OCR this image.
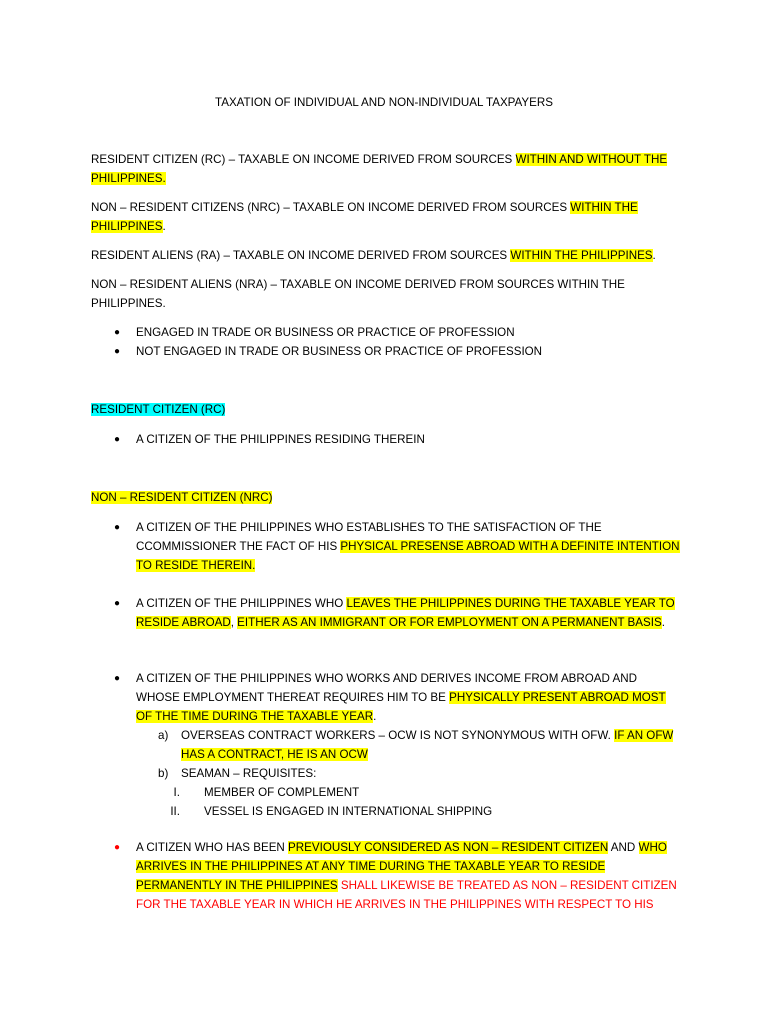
TAXATION OF INDIVIDUAL AND NON-INDIVIDUAL TAXPAYERS

RESIDENT CITIZEN (RC) – TAXABLE ON INCOME DERIVED FROM SOURCES WITHIN AND WITHOUT THE PHILIPPINES.

NON – RESIDENT CITIZENS (NRC) – TAXABLE ON INCOME DERIVED FROM SOURCES WITHIN THE PHILIPPINES.

RESIDENT ALIENS (RA) – TAXABLE ON INCOME DERIVED FROM SOURCES WITHIN THE PHILIPPINES.

NON – RESIDENT ALIENS (NRA) – TAXABLE ON INCOME DERIVED FROM SOURCES WITHIN THE PHILIPPINES.

●	ENGAGED IN TRADE OR BUSINESS OR PRACTICE OF PROFESSION

●	NOT ENGAGED IN TRADE OR BUSINESS OR PRACTICE OF PROFESSION

RESIDENT CITIZEN (RC)

●	A CITIZEN OF THE PHILIPPINES RESIDING THEREIN

NON – RESIDENT CITIZEN (NRC)

●	A CITIZEN OF THE PHILIPPINES WHO ESTABLISHES TO THE SATISFACTION OF THE CCOMMISSIONER THE FACT OF HIS PHYSICAL PRESENSE ABROAD WITH A DEFINITE INTENTION TO RESIDE THEREIN.

●	A CITIZEN OF THE PHILIPPINES WHO LEAVES THE PHILIPPINES DURING THE TAXABLE YEAR TO RESIDE ABROAD, EITHER AS AN IMMIGRANT OR FOR EMPLOYMENT ON A PERMANENT BASIS.

●	A CITIZEN OF THE PHILIPPINES WHO WORKS AND DERIVES INCOME FROM ABROAD AND WHOSE EMPLOYMENT THEREAT REQUIRES HIM TO BE PHYSICALLY PRESENT ABROAD MOST OF THE TIME DURING THE TAXABLE YEAR.

a) OVERSEAS CONTRACT WORKERS – OCW IS NOT SYNONYMOUS WITH OFW. IF AN OFW HAS A CONTRACT, HE IS AN OCW

b) SEAMAN – REQUISITES:

I. MEMBER OF COMPLEMENT

II. VESSEL IS ENGAGED IN INTERNATIONAL SHIPPING

●	A CITIZEN WHO HAS BEEN PREVIOUSLY CONSIDERED AS NON – RESIDENT CITIZEN AND WHO ARRIVES IN THE PHILIPPINES AT ANY TIME DURING THE TAXABLE YEAR TO RESIDE PERMANENTLY IN THE PHILIPPINES SHALL LIKEWISE BE TREATED AS NON – RESIDENT CITIZEN FOR THE TAXABLE YEAR IN WHICH HE ARRIVES IN THE PHILIPPINES WITH RESPECT TO HIS
